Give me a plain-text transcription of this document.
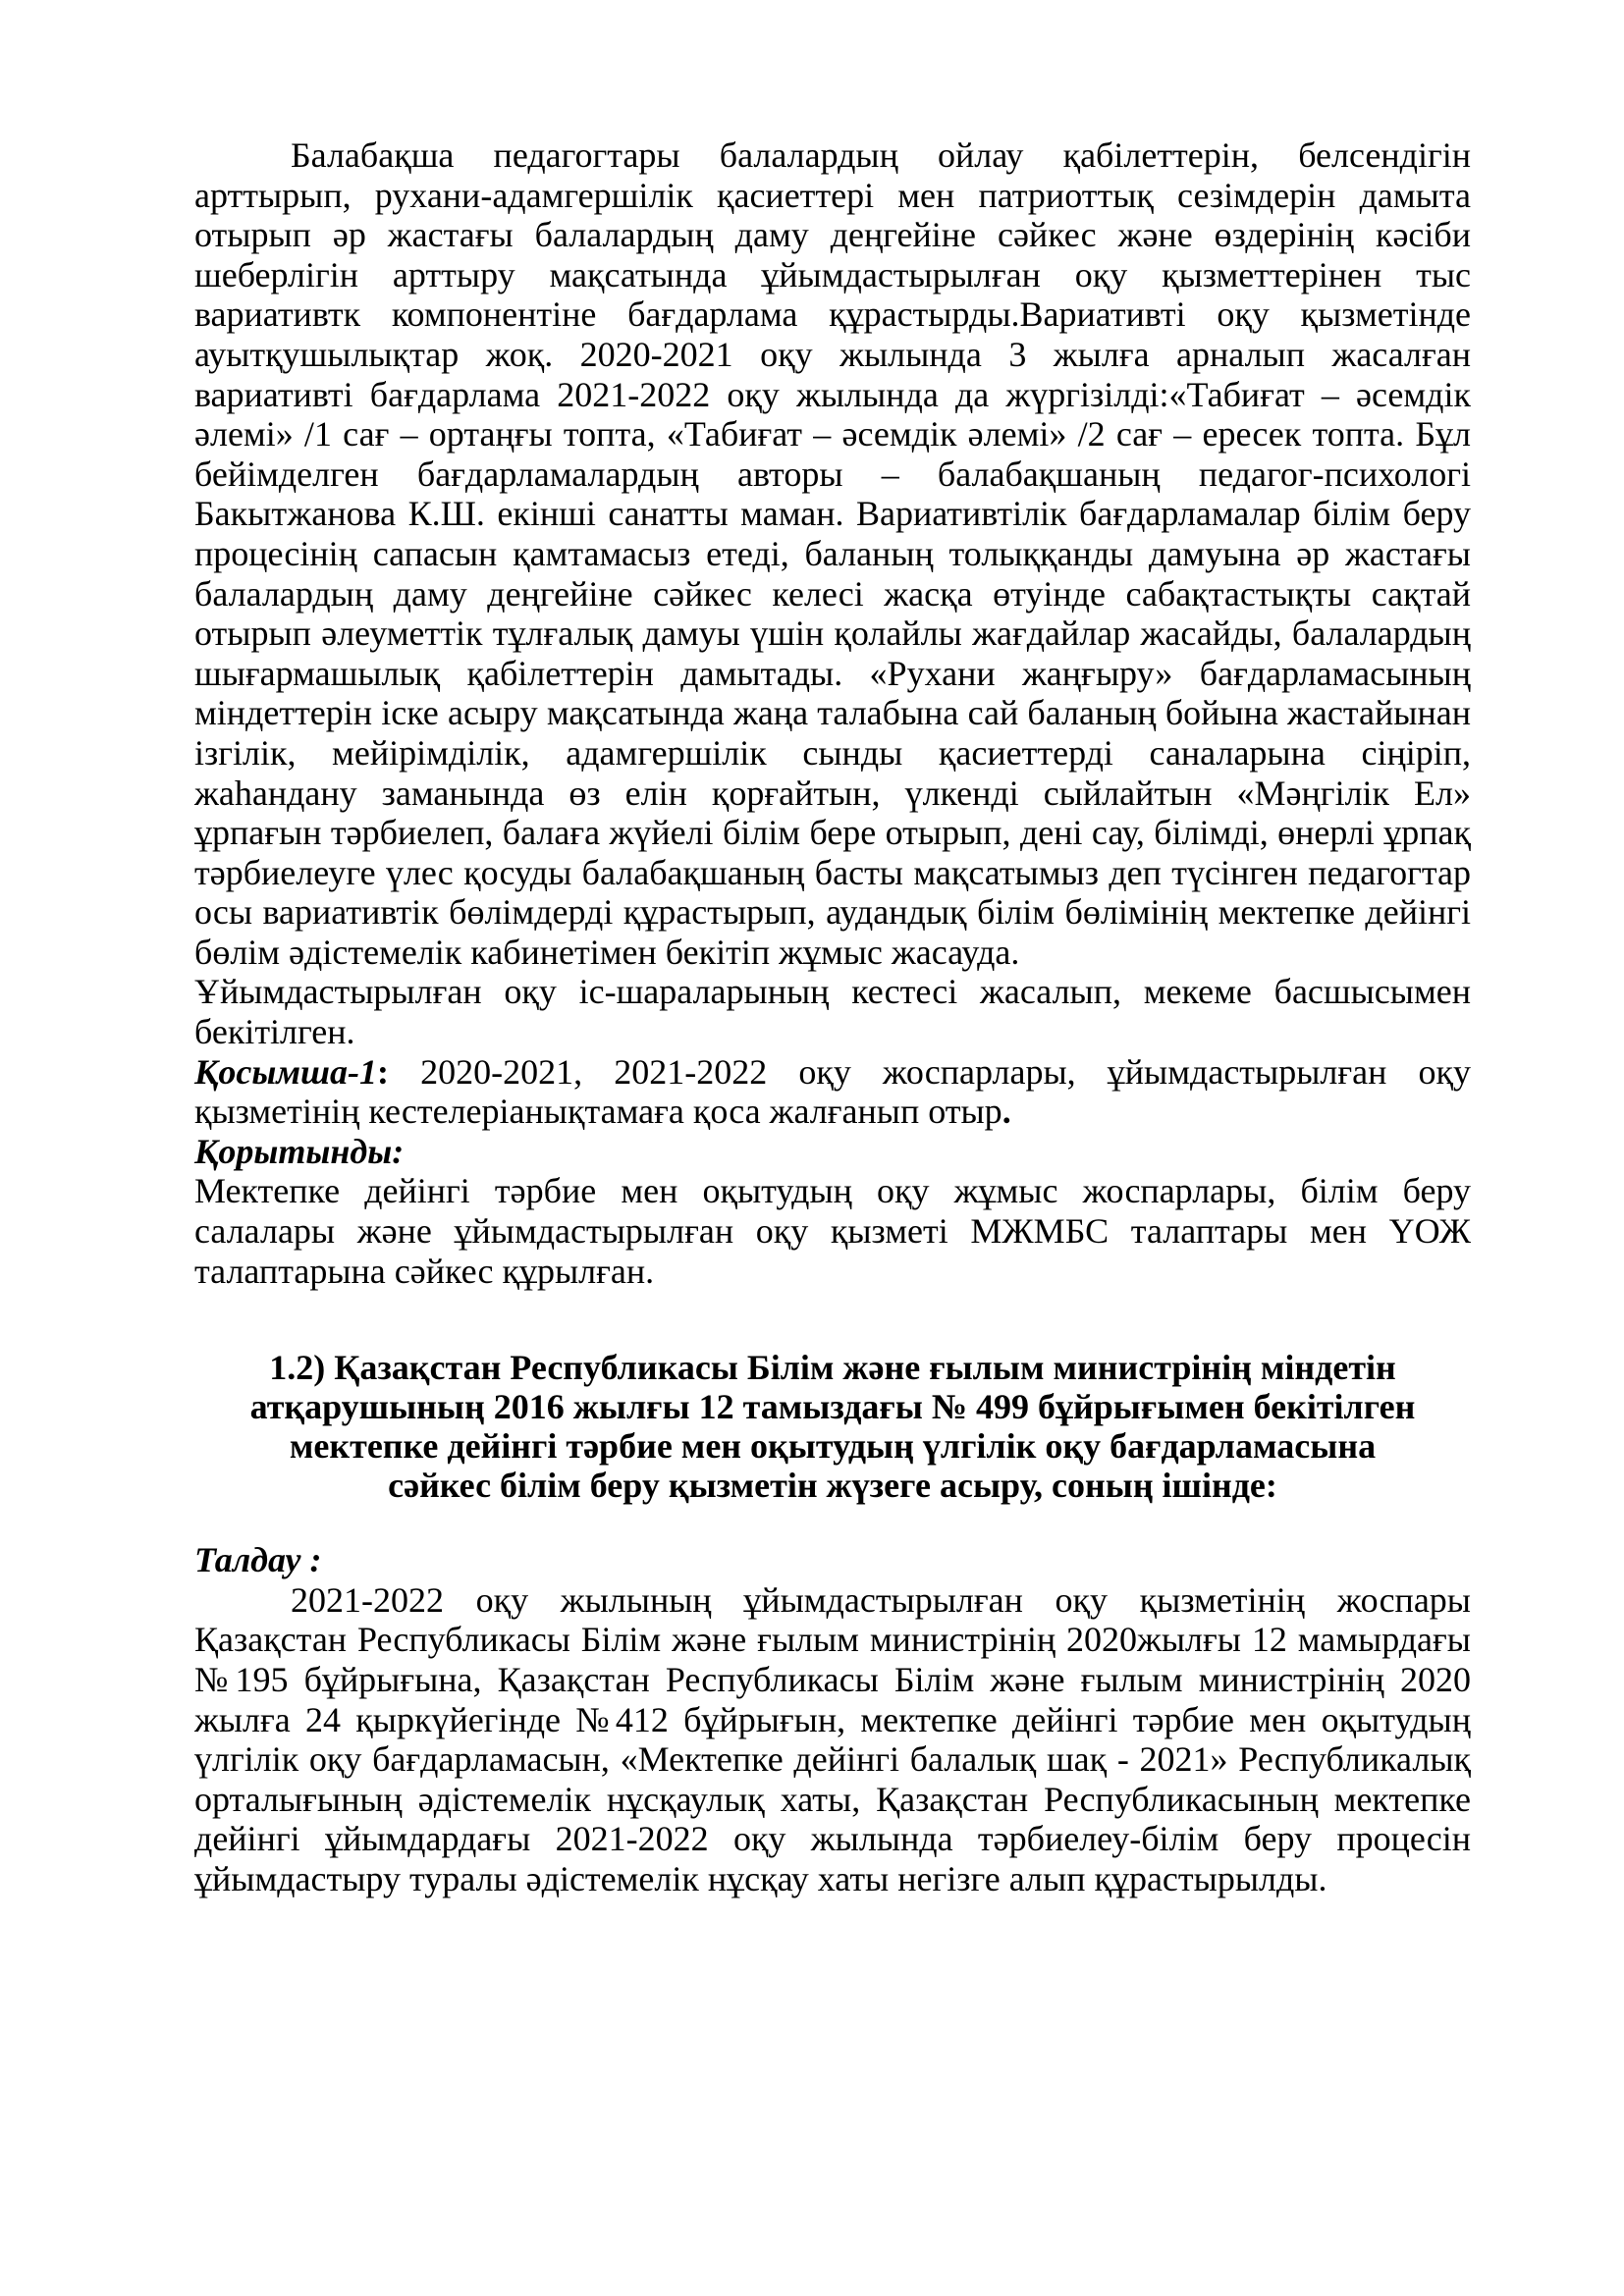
Балабақша педагогтары балалардың ойлау қабілеттерін, белсендігін арттырып, рухани-адамгершілік қасиеттері мен патриоттық сезімдерін дамыта отырып әр жастағы балалардың даму деңгейіне сәйкес және өздерінің кәсіби шеберлігін арттыру мақсатында ұйымдастырылған оқу қызметтерінен тыс вариативтк компонентіне бағдарлама құрастырды.Вариативті оқу қызметінде ауытқушылықтар жоқ. 2020-2021 оқу жылында 3 жылға арналып жасалған вариативті бағдарлама 2021-2022 оқу жылында да жүргізілді:«Табиғат – әсемдік әлемі» /1 сағ – ортаңғы топта, «Табиғат – әсемдік әлемі» /2 сағ – ересек топта. Бұл бейімделген бағдарламалардың авторы – балабақшаның педагог-психологі Бакытжанова К.Ш. екінші санатты маман. Вариативтілік бағдарламалар білім беру процесінің сапасын қамтамасыз етеді, баланың толыққанды дамуына әр жастағы балалардың даму деңгейіне сәйкес келесі жасқа өтуінде сабақтастықты сақтай отырып әлеуметтік тұлғалық дамуы үшін қолайлы жағдайлар жасайды, балалардың шығармашылық қабілеттерін дамытады. «Рухани жаңғыру» бағдарламасының міндеттерін іске асыру мақсатында жаңа талабына сай баланың бойына жастайынан ізгілік, мейірімділік, адамгершілік сынды қасиеттерді саналарына сіңіріп, жаһандану заманында өз елін қорғайтын, үлкенді сыйлайтын «Мәңгілік Ел» ұрпағын тәрбиелеп, балаға жүйелі білім бере отырып, дені сау, білімді, өнерлі ұрпақ тәрбиелеуге үлес қосуды балабақшаның басты мақсатымыз деп түсінген педагогтар осы вариативтік бөлімдерді құрастырып, аудандық білім бөлімінің мектепке дейінгі бөлім әдістемелік кабинетімен бекітіп жұмыс жасауда.

Ұйымдастырылған оқу іс-шараларының кестесі жасалып, мекеме басшысымен бекітілген.

Қосымша-1: 2020-2021, 2021-2022 оқу жоспарлары, ұйымдастырылған оқу қызметінің кестелеріанықтамаға қоса жалғанып отыр.

Қорытынды:

Мектепке дейінгі тәрбие мен оқытудың оқу жұмыс жоспарлары, білім беру салалары және ұйымдастырылған оқу қызметі МЖМБС талаптары мен ҮОЖ талаптарына сәйкес құрылған.

1.2) Қазақстан Республикасы Білім және ғылым министрінің міндетін
атқарушының 2016 жылғы 12 тамыздағы № 499 бұйрығымен бекітілген
мектепке дейінгі тәрбие мен оқытудың үлгілік оқу бағдарламасына
сәйкес білім беру қызметін жүзеге асыру, соның ішінде:

Талдау :

2021-2022 оқу жылының ұйымдастырылған оқу қызметінің жоспары Қазақстан Республикасы Білім және ғылым министрінің 2020жылғы 12 мамырдағы №195 бұйрығына, Қазақстан Республикасы Білім және ғылым министрінің 2020 жылға 24 қыркүйегінде №412 бұйрығын, мектепке дейінгі тәрбие мен оқытудың үлгілік оқу бағдарламасын, «Мектепке дейінгі балалық шақ - 2021» Республикалық орталығының әдістемелік нұсқаулық хаты, Қазақстан Республикасының мектепке дейінгі ұйымдардағы 2021-2022 оқу жылында тәрбиелеу-білім беру процесін ұйымдастыру туралы әдістемелік нұсқау хаты негізге алып құрастырылды.
